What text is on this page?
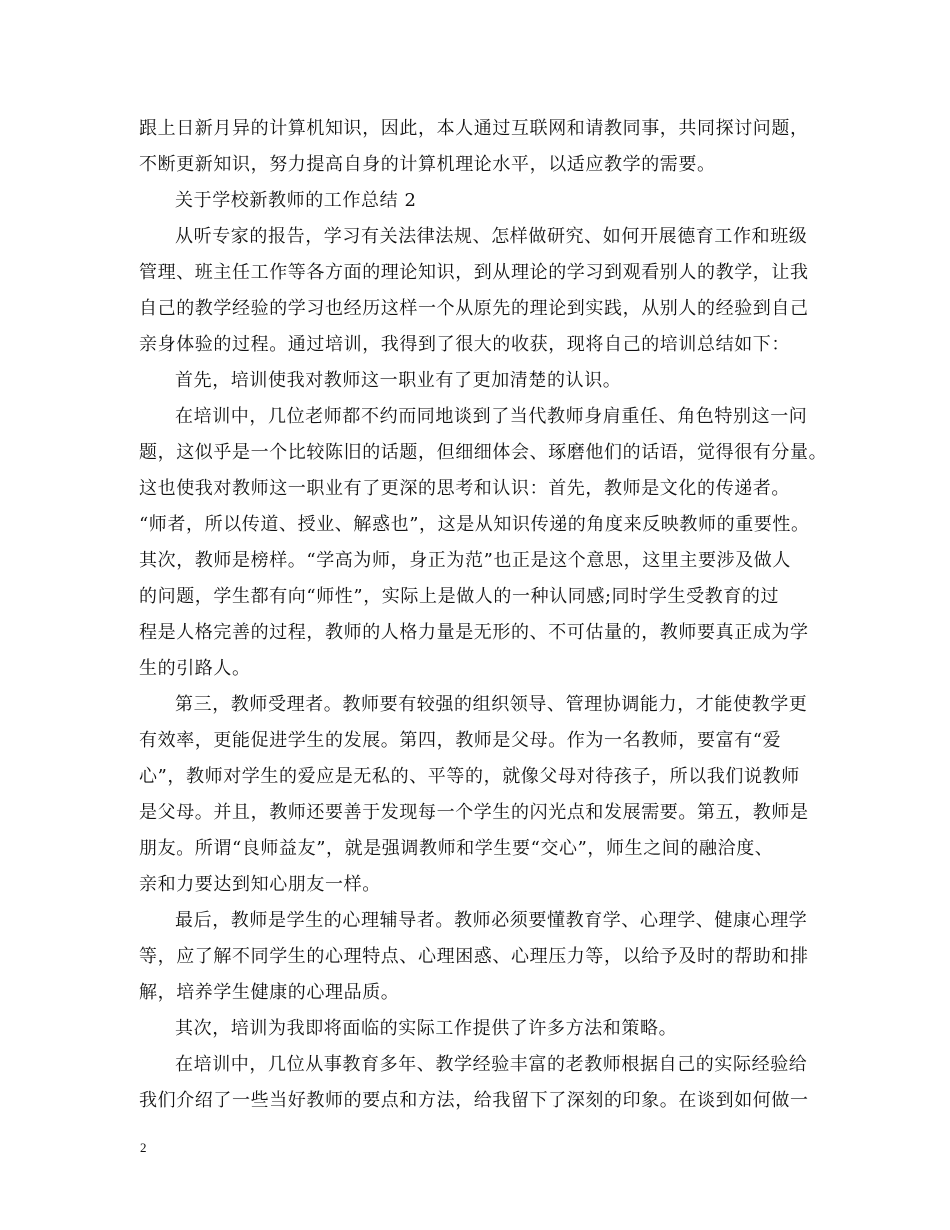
跟上日新月异的计算机知识，因此，本人通过互联网和请教同事，共同探讨问题，
不断更新知识，努力提高自身的计算机理论水平，以适应教学的需要。
关于学校新教师的工作总结 2
从听专家的报告，学习有关法律法规、怎样做研究、如何开展德育工作和班级
管理、班主任工作等各方面的理论知识，到从理论的学习到观看别人的教学，让我
自己的教学经验的学习也经历这样一个从原先的理论到实践，从别人的经验到自己
亲身体验的过程。通过培训，我得到了很大的收获，现将自己的培训总结如下：
首先，培训使我对教师这一职业有了更加清楚的认识。
在培训中，几位老师都不约而同地谈到了当代教师身肩重任、角色特别这一问
题，这似乎是一个比较陈旧的话题，但细细体会、琢磨他们的话语，觉得很有分量。
这也使我对教师这一职业有了更深的思考和认识：首先，教师是文化的传递者。
“师者，所以传道、授业、解惑也”，这是从知识传递的角度来反映教师的重要性。
其次，教师是榜样。“学高为师，身正为范”也正是这个意思，这里主要涉及做人
的问题，学生都有向“师性”，实际上是做人的一种认同感;同时学生受教育的过
程是人格完善的过程，教师的人格力量是无形的、不可估量的，教师要真正成为学
生的引路人。
第三，教师受理者。教师要有较强的组织领导、管理协调能力，才能使教学更
有效率，更能促进学生的发展。第四，教师是父母。作为一名教师，要富有“爱
心”，教师对学生的爱应是无私的、平等的，就像父母对待孩子，所以我们说教师
是父母。并且，教师还要善于发现每一个学生的闪光点和发展需要。第五，教师是
朋友。所谓“良师益友”，就是强调教师和学生要“交心”，师生之间的融洽度、
亲和力要达到知心朋友一样。
最后，教师是学生的心理辅导者。教师必须要懂教育学、心理学、健康心理学
等，应了解不同学生的心理特点、心理困惑、心理压力等，以给予及时的帮助和排
解，培养学生健康的心理品质。
其次，培训为我即将面临的实际工作提供了许多方法和策略。
在培训中，几位从事教育多年、教学经验丰富的老教师根据自己的实际经验给
我们介绍了一些当好教师的要点和方法，给我留下了深刻的印象。在谈到如何做一
2
